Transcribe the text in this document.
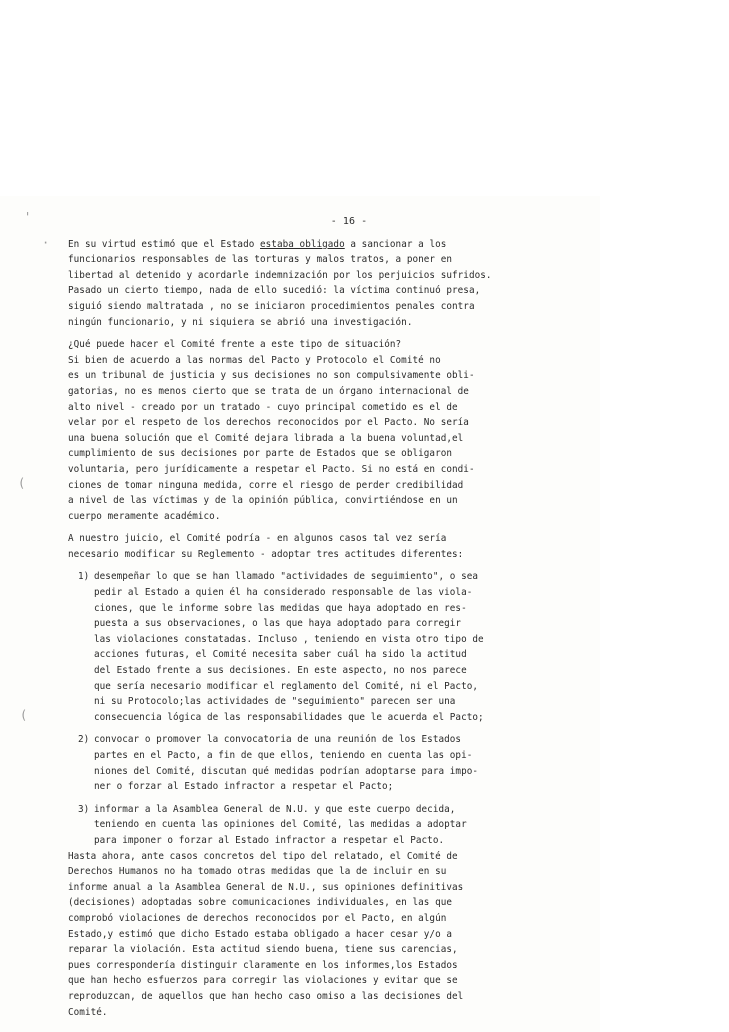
'
·
(
(
- 16 -
En su virtud estimó que el Estado estaba obligado a sancionar a los
funcionarios responsables de las torturas y malos tratos, a poner en
libertad al detenido y acordarle indemnización por los perjuicios sufridos.
Pasado un cierto tiempo, nada de ello sucedió: la víctima continuó presa,
siguió siendo maltratada , no se iniciaron procedimientos penales contra
ningún funcionario, y ni siquiera se abrió una investigación.
¿Qué puede hacer el Comité frente a este tipo de situación?
Si bien de acuerdo a las normas del Pacto y Protocolo el Comité no
es un tribunal de justicia y sus decisiones no son compulsivamente obli-
gatorias, no es menos cierto que se trata de un órgano internacional de
alto nivel - creado por un tratado - cuyo principal cometido es el de
velar por el respeto de los derechos reconocidos por el Pacto. No sería
una buena solución que el Comité dejara librada a la buena voluntad,el
cumplimiento de sus decisiones por parte de Estados que se obligaron
voluntaria, pero jurídicamente a respetar el Pacto. Si no está en condi-
ciones de tomar ninguna medida, corre el riesgo de perder credibilidad
a nivel de las víctimas y de la opinión pública, convirtiéndose en un
cuerpo meramente académico.
A nuestro juicio, el Comité podría - en algunos casos tal vez sería
necesario modificar su Reglemento - adoptar tres actitudes diferentes:
1) desempeñar lo que se han llamado "actividades de seguimiento", o sea
pedir al Estado a quien él ha considerado responsable de las viola-
ciones, que le informe sobre las medidas que haya adoptado en res-
puesta a sus observaciones, o las que haya adoptado para corregir
las violaciones constatadas. Incluso , teniendo en vista otro tipo de
acciones futuras, el Comité necesita saber cuál ha sido la actitud
del Estado frente a sus decisiones. En este aspecto, no nos parece
que sería necesario modificar el reglamento del Comité, ni el Pacto,
ni su Protocolo;las actividades de "seguimiento" parecen ser una
consecuencia lógica de las responsabilidades que le acuerda el Pacto;
2) convocar o promover la convocatoria de una reunión de los Estados
partes en el Pacto, a fin de que ellos, teniendo en cuenta las opi-
niones del Comité, discutan qué medidas podrían adoptarse para impo-
ner o forzar al Estado infractor a respetar el Pacto;
3) informar a la Asamblea General de N.U. y que este cuerpo decida,
teniendo en cuenta las opiniones del Comité, las medidas a adoptar
para imponer o forzar al Estado infractor a respetar el Pacto.
Hasta ahora, ante casos concretos del tipo del relatado, el Comité de
Derechos Humanos no ha tomado otras medidas que la de incluir en su
informe anual a la Asamblea General de N.U., sus opiniones definitivas
(decisiones) adoptadas sobre comunicaciones individuales, en las que
comprobó violaciones de derechos reconocidos por el Pacto, en algún
Estado,y estimó que dicho Estado estaba obligado a hacer cesar y/o a
reparar la violación. Esta actitud siendo buena, tiene sus carencias,
pues correspondería distinguir claramente en los informes,los Estados
que han hecho esfuerzos para corregir las violaciones y evitar que se
reproduzcan, de aquellos que han hecho caso omiso a las decisiones del
Comité.
